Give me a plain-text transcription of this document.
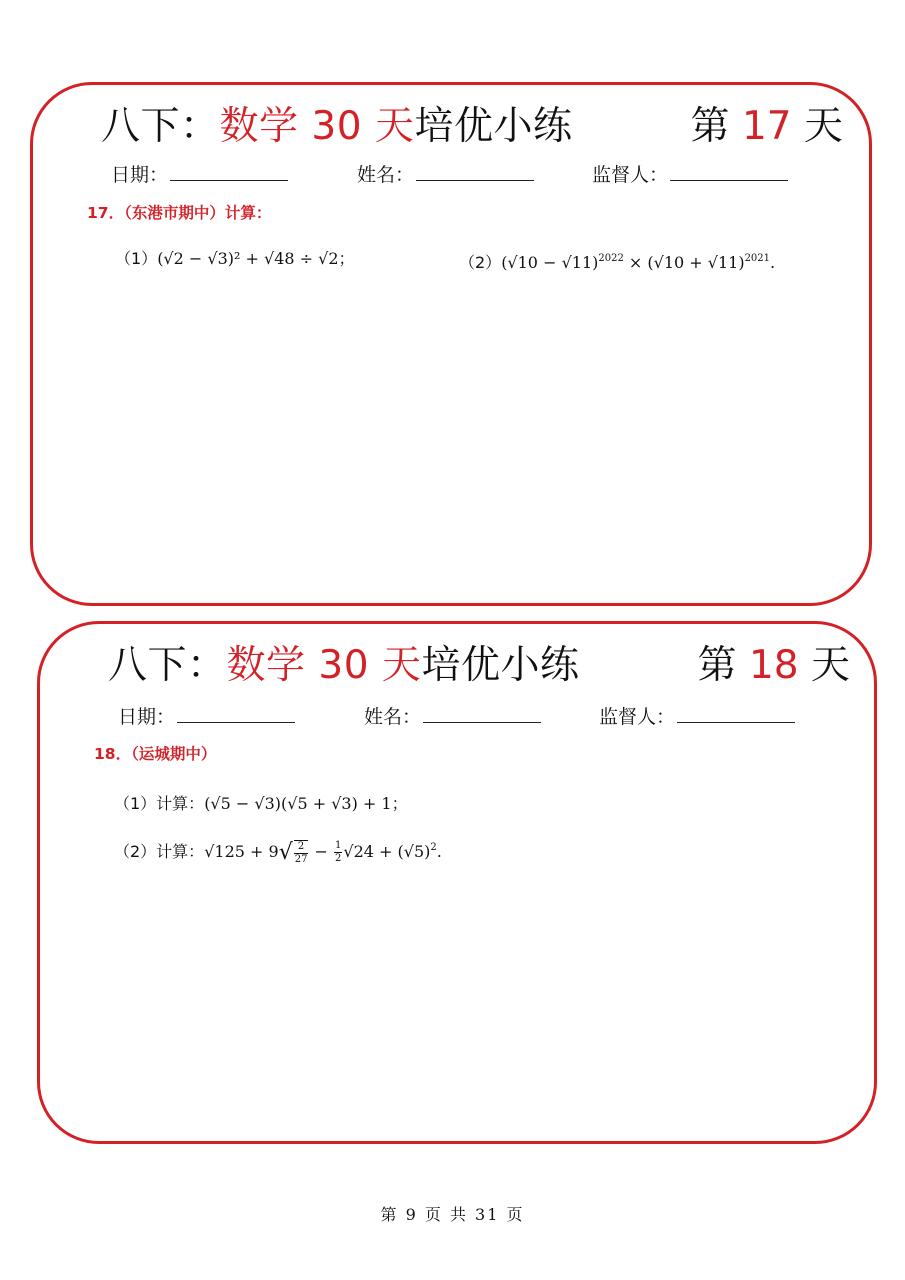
八下：数学 30 天培优小练	第 17 天
日期：	姓名：	监督人：
17．（东港市期中）计算：
（1）(√2 − √3)² + √48 ÷ √2；	$(2)(√10 - √11)^{2022} \times (√10 + √11)^{2021}$.
八下：数学 30 天培优小练	第 18 天
日期：	姓名：	监督人：
18．（运城期中）
（1）计算：(√5 − √3)(√5 + √3) + 1；
（2）计算：$√125 + 9√ \frac{2}{27} - \frac{1}{2} √24 + (√5)^2$.
第 9 页 共 31 页
